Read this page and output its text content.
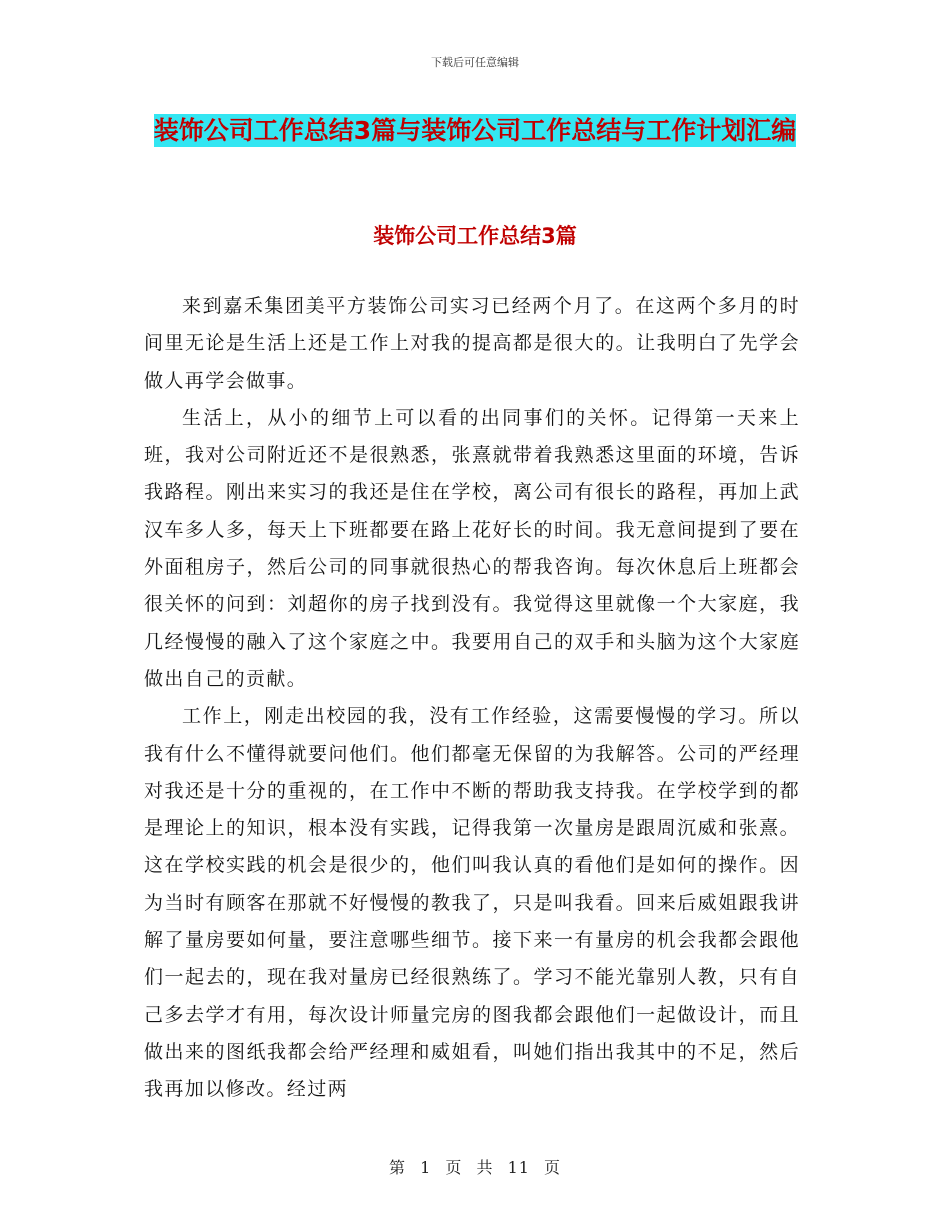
下载后可任意编辑
装饰公司工作总结3篇与装饰公司工作总结与工作计划汇编
装饰公司工作总结3篇

来到嘉禾集团美平方装饰公司实习已经两个月了。在这两个多月的时间里无论是生活上还是工作上对我的提高都是很大的。让我明白了先学会做人再学会做事。

生活上，从小的细节上可以看的出同事们的关怀。记得第一天来上班，我对公司附近还不是很熟悉，张熹就带着我熟悉这里面的环境，告诉我路程。刚出来实习的我还是住在学校，离公司有很长的路程，再加上武汉车多人多，每天上下班都要在路上花好长的时间。我无意间提到了要在外面租房子，然后公司的同事就很热心的帮我咨询。每次休息后上班都会很关怀的问到：刘超你的房子找到没有。我觉得这里就像一个大家庭，我几经慢慢的融入了这个家庭之中。我要用自己的双手和头脑为这个大家庭做出自己的贡献。

工作上，刚走出校园的我，没有工作经验，这需要慢慢的学习。所以我有什么不懂得就要问他们。他们都毫无保留的为我解答。公司的严经理对我还是十分的重视的，在工作中不断的帮助我支持我。在学校学到的都是理论上的知识，根本没有实践，记得我第一次量房是跟周沉威和张熹。这在学校实践的机会是很少的，他们叫我认真的看他们是如何的操作。因为当时有顾客在那就不好慢慢的教我了，只是叫我看。回来后威姐跟我讲解了量房要如何量，要注意哪些细节。接下来一有量房的机会我都会跟他们一起去的，现在我对量房已经很熟练了。学习不能光靠别人教，只有自己多去学才有用，每次设计师量完房的图我都会跟他们一起做设计，而且做出来的图纸我都会给严经理和威姐看，叫她们指出我其中的不足，然后我再加以修改。经过两

第 1 页 共 11 页
